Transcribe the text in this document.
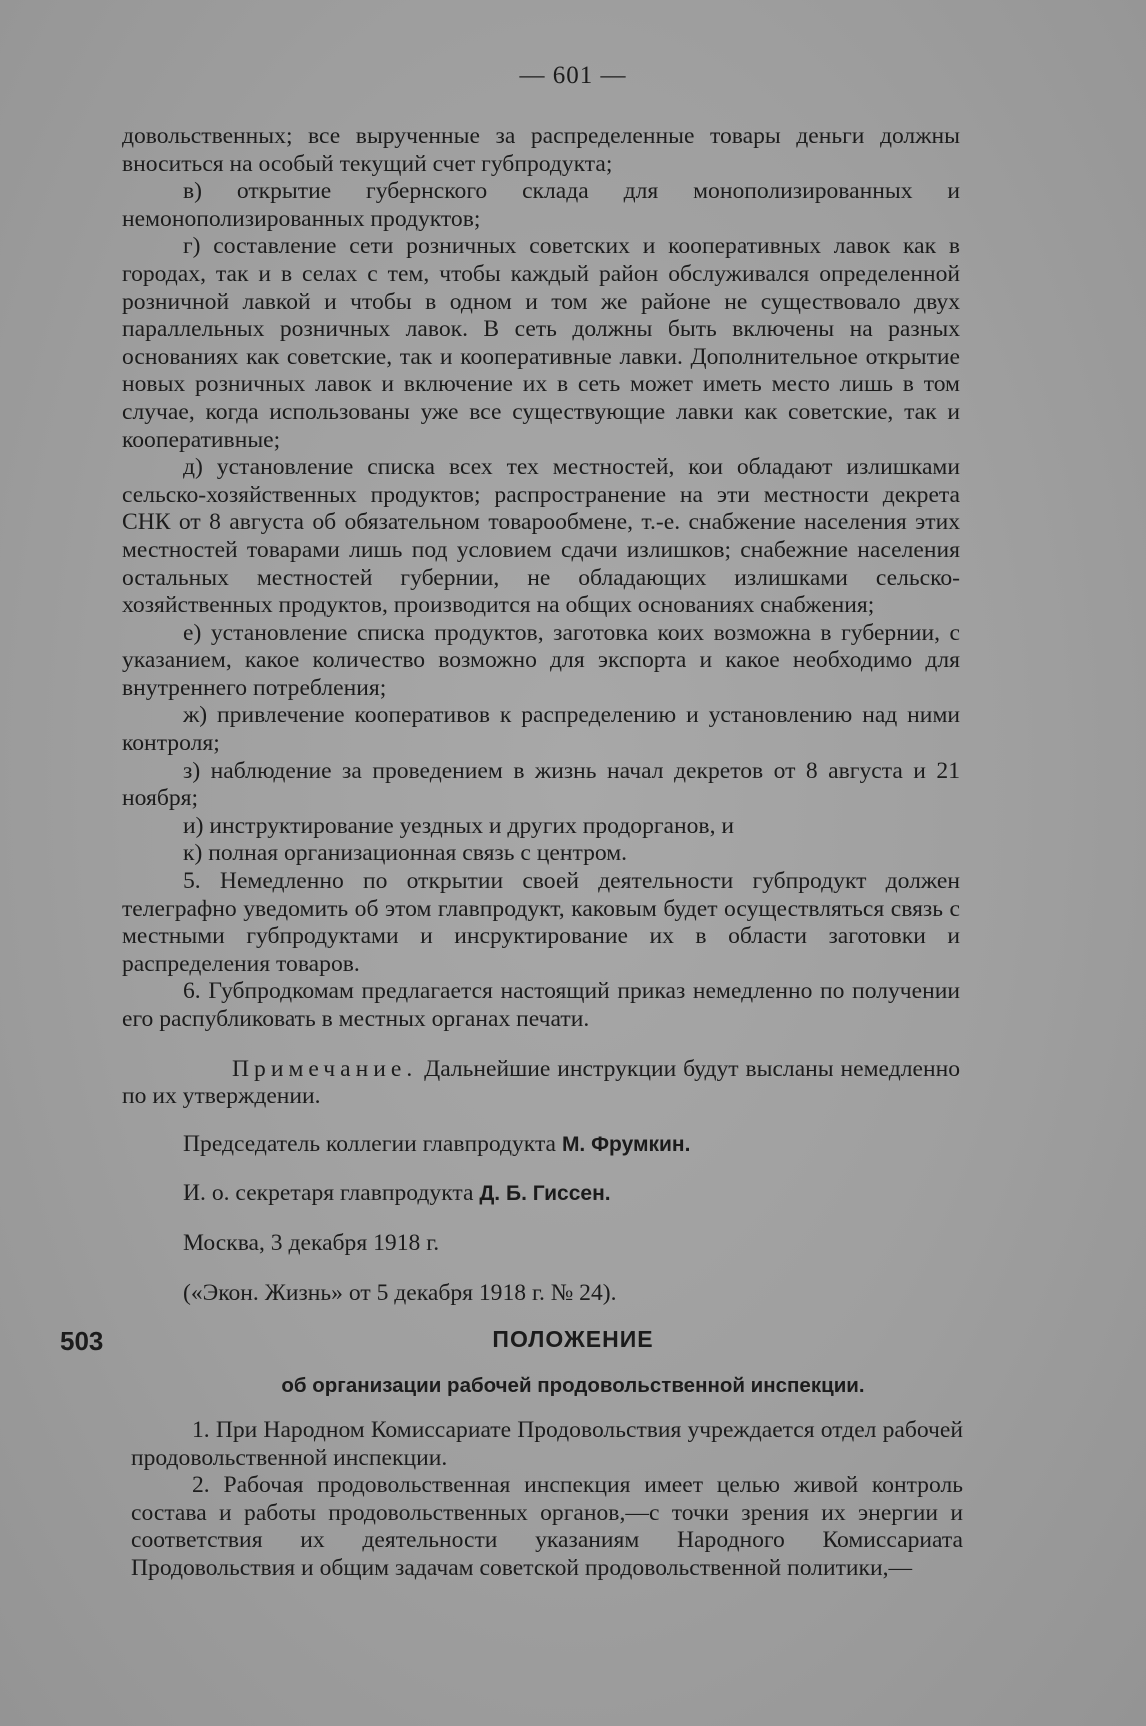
— 601 —

довольственных; все вырученные за распределенные товары деньги должны вноситься на особый текущий счет губпродукта;

в) открытие губернского склада для монополизированных и немонополизированных продуктов;

г) составление сети розничных советских и кооперативных лавок как в городах, так и в селах с тем, чтобы каждый район обслуживался определенной розничной лавкой и чтобы в одном и том же районе не существовало двух параллельных розничных лавок. В сеть должны быть включены на разных основаниях как советские, так и кооперативные лавки. Дополнительное открытие новых розничных лавок и включение их в сеть может иметь место лишь в том случае, когда использованы уже все существующие лавки как советские, так и кооперативные;

д) установление списка всех тех местностей, кои обладают излишками сельско-хозяйственных продуктов; распространение на эти местности декрета СНК от 8 августа об обязательном товарообмене, т.-е. снабжение населения этих местностей товарами лишь под условием сдачи излишков; снабежние населения остальных местностей губернии, не обладающих излишками сельско-хозяйственных продуктов, производится на общих основаниях снабжения;

е) установление списка продуктов, заготовка коих возможна в губернии, с указанием, какое количество возможно для экспорта и какое необходимо для внутреннего потребления;

ж) привлечение кооперативов к распределению и установлению над ними контроля;

з) наблюдение за проведением в жизнь начал декретов от 8 августа и 21 ноября;

и) инструктирование уездных и других продорганов, и

к) полная организационная связь с центром.

5. Немедленно по открытии своей деятельности губпродукт должен телеграфно уведомить об этом главпродукт, каковым будет осуществляться связь с местными губпродуктами и инсруктирование их в области заготовки и распределения товаров.

6. Губпродкомам предлагается настоящий приказ немедленно по получении его распубликовать в местных органах печати.

Примечание. Дальнейшие инструкции будут высланы немедленно по их утверждении.

Председатель коллегии главпродукта М. Фрумкин.

И. о. секретаря главпродукта Д. Б. Гиссен.

Москва, 3 декабря 1918 г.

(«Экон. Жизнь» от 5 декабря 1918 г. № 24).

503	ПОЛОЖЕНИЕ
об организации рабочей продовольственной инспекции.

1. При Народном Комиссариате Продовольствия учреждается отдел рабочей продовольственной инспекции.

2. Рабочая продовольственная инспекция имеет целью живой контроль состава и работы продовольственных органов,—с точки зрения их энергии и соответствия их деятельности указаниям Народного Комиссариата Продовольствия и общим задачам советской продовольственной политики,—
